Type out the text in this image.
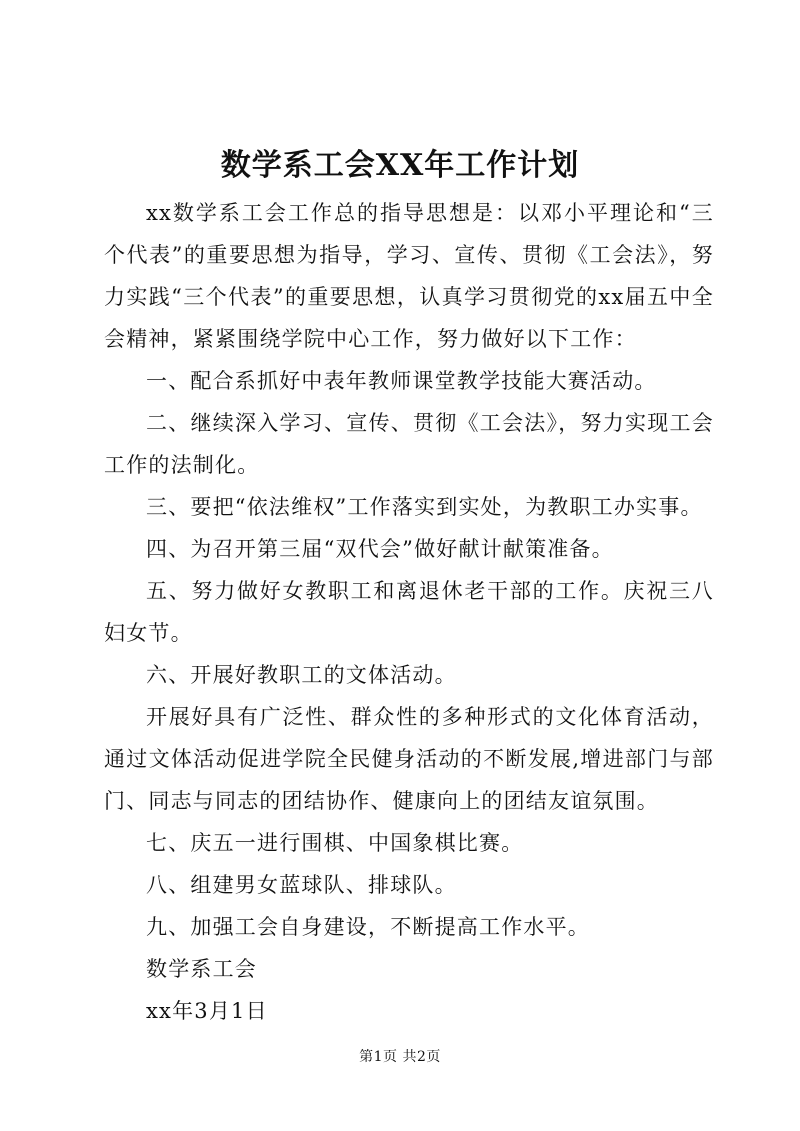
数学系工会XX年工作计划

xx数学系工会工作总的指导思想是：以邓小平理论和“三个代表”的重要思想为指导，学习、宣传、贯彻《工会法》，努力实践“三个代表”的重要思想，认真学习贯彻党的xx届五中全会精神，紧紧围绕学院中心工作，努力做好以下工作：

一、配合系抓好中表年教师课堂教学技能大赛活动。

二、继续深入学习、宣传、贯彻《工会法》，努力实现工会工作的法制化。

三、要把“依法维权”工作落实到实处，为教职工办实事。

四、为召开第三届“双代会”做好献计献策准备。

五、努力做好女教职工和离退休老干部的工作。庆祝三八妇女节。

六、开展好教职工的文体活动。

开展好具有广泛性、群众性的多种形式的文化体育活动，通过文体活动促进学院全民健身活动的不断发展,增进部门与部门、同志与同志的团结协作、健康向上的团结友谊氛围。

七、庆五一进行围棋、中国象棋比赛。

八、组建男女蓝球队、排球队。

九、加强工会自身建设，不断提高工作水平。

数学系工会

xx年3月1日

第1页 共2页
